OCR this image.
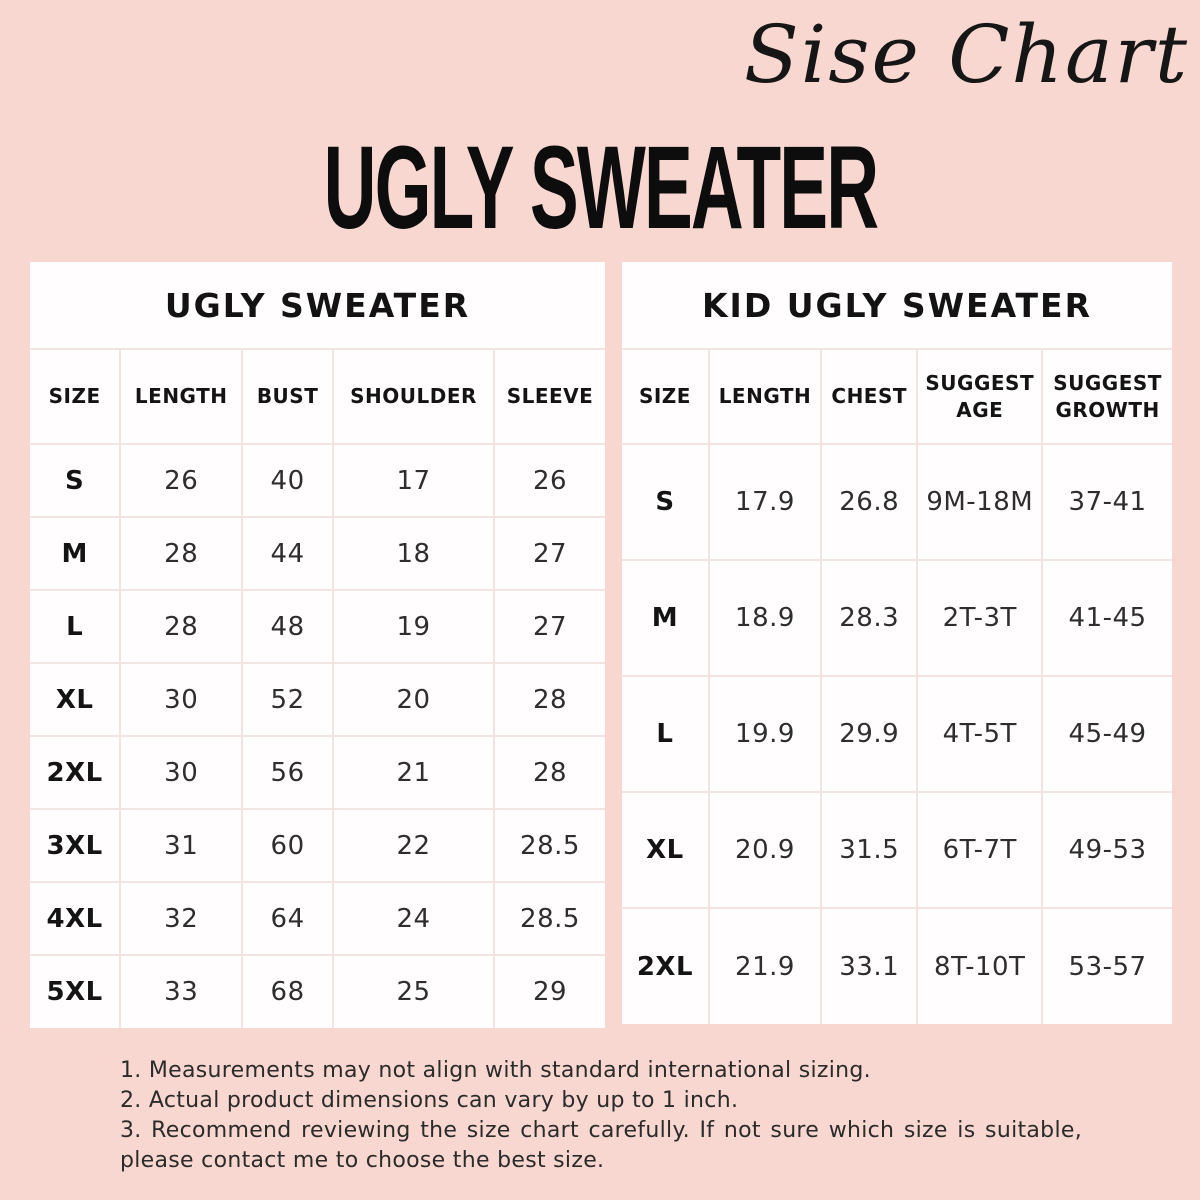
Sise Chart
UGLY SWEATER
UGLY SWEATER
SIZE	LENGTH	BUST	SHOULDER	SLEEVE
S	26	40	17	26
M	28	44	18	27
L	28	48	19	27
XL	30	52	20	28
2XL	30	56	21	28
3XL	31	60	22	28.5
4XL	32	64	24	28.5
5XL	33	68	25	29
KID UGLY SWEATER
SIZE	LENGTH	CHEST	SUGGEST AGE	SUGGEST GROWTH
S	17.9	26.8	9M-18M	37-41
M	18.9	28.3	2T-3T	41-45
L	19.9	29.9	4T-5T	45-49
XL	20.9	31.5	6T-7T	49-53
2XL	21.9	33.1	8T-10T	53-57

1. Measurements may not align with standard international sizing.

2. Actual product dimensions can vary by up to 1 inch.

3. Recommend reviewing the size chart carefully. If not sure which size is suitable, please contact me to choose the best size.
